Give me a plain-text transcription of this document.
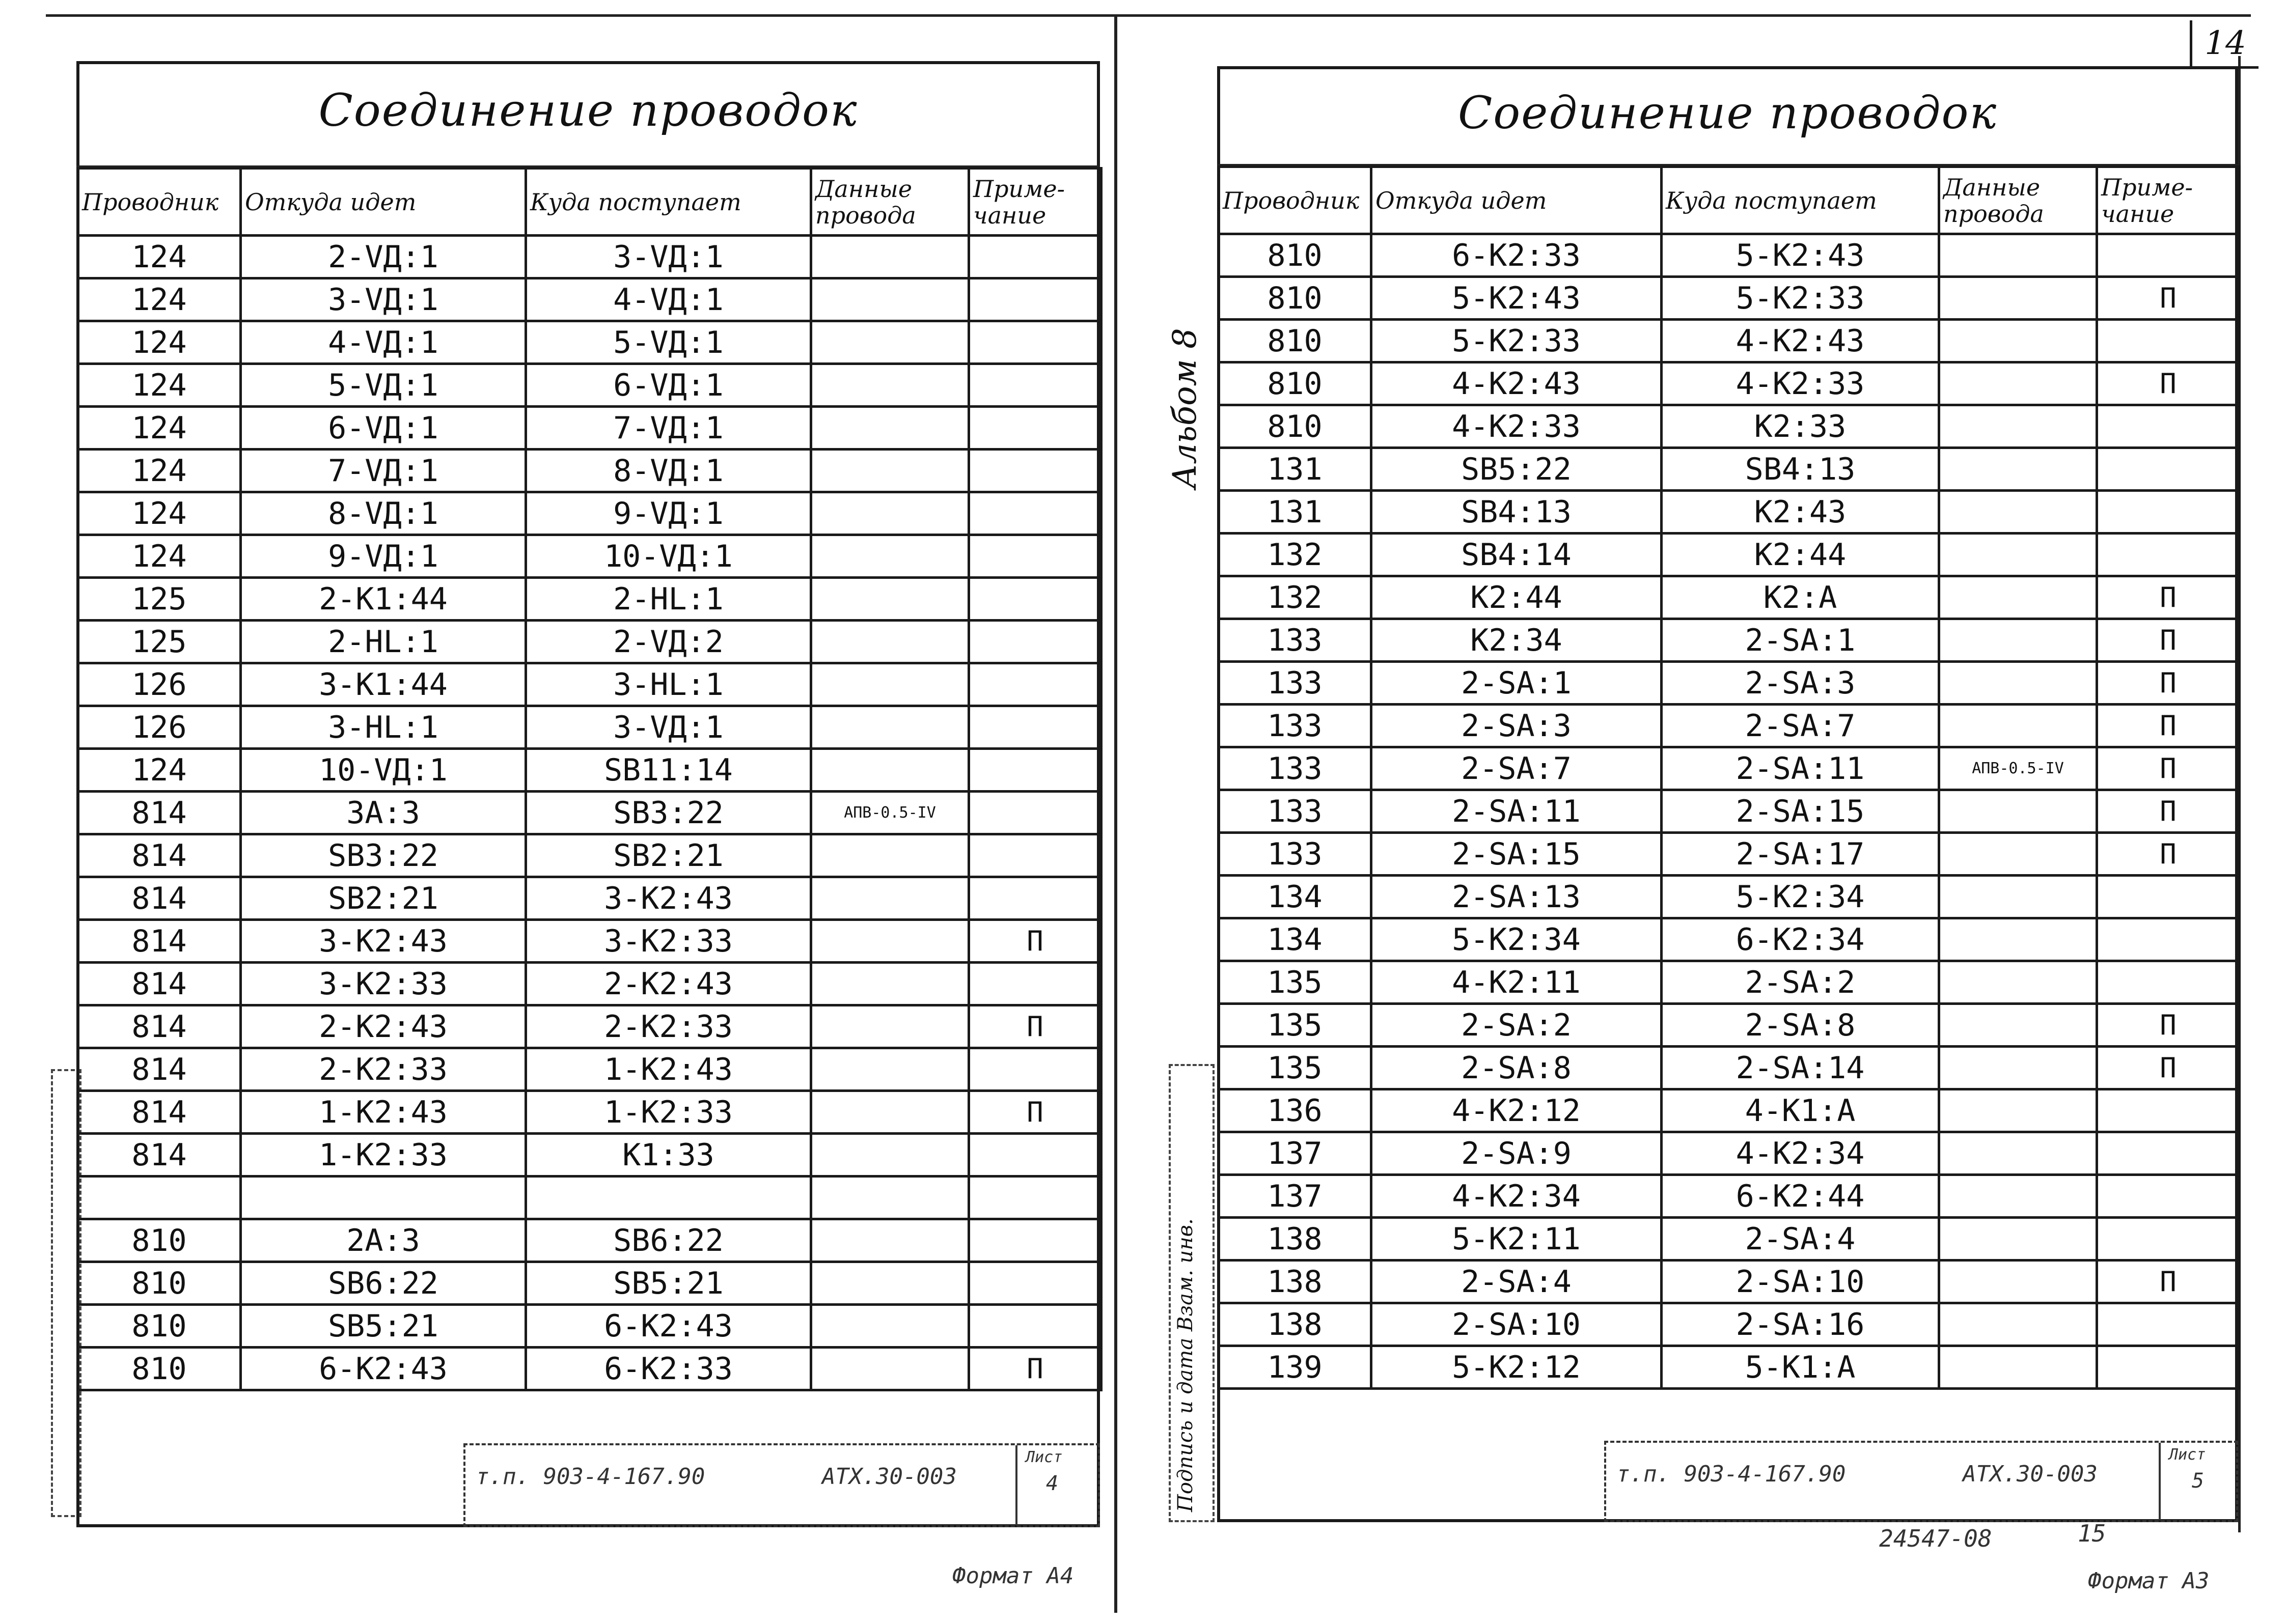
14
Соединение проводок
Проводник	Откуда идет	Куда поступает	Данные провода	Приме-чание
124	2-VД:1	3-VД:1		
124	3-VД:1	4-VД:1		
124	4-VД:1	5-VД:1		
124	5-VД:1	6-VД:1		
124	6-VД:1	7-VД:1		
124	7-VД:1	8-VД:1		
124	8-VД:1	9-VД:1		
124	9-VД:1	10-VД:1		
125	2-K1:44	2-HL:1		
125	2-HL:1	2-VД:2		
126	3-K1:44	3-HL:1		
126	3-HL:1	3-VД:1		
124	10-VД:1	SB11:14		
814	3A:3	SB3:22	АПВ-0.5-IV	
814	SB3:22	SB2:21		
814	SB2:21	3-K2:43		
814	3-K2:43	3-K2:33		П
814	3-K2:33	2-K2:43		
814	2-K2:43	2-K2:33		П
814	2-K2:33	1-K2:43		
814	1-K2:43	1-K2:33		П
814	1-K2:33	K1:33		

810	2A:3	SB6:22		
810	SB6:22	SB5:21		
810	SB5:21	6-K2:43		
810	6-K2:43	6-K2:33		П
т.п. 903-4-167.90	АТХ.30-003
Лист
4
Формат А4
Альбом 8
Подпись и дата Взам. инв.
Соединение проводок
Проводник	Откуда идет	Куда поступает	Данные провода	Приме-чание
810	6-K2:33	5-K2:43		
810	5-K2:43	5-K2:33		П
810	5-K2:33	4-K2:43		
810	4-K2:43	4-K2:33		П
810	4-K2:33	K2:33		
131	SB5:22	SB4:13		
131	SB4:13	K2:43		
132	SB4:14	K2:44		
132	K2:44	K2:A		П
133	K2:34	2-SA:1		П
133	2-SA:1	2-SA:3		П
133	2-SA:3	2-SA:7		П
133	2-SA:7	2-SA:11	АПВ-0.5-IV	П
133	2-SA:11	2-SA:15		П
133	2-SA:15	2-SA:17		П
134	2-SA:13	5-K2:34		
134	5-K2:34	6-K2:34		
135	4-K2:11	2-SA:2		
135	2-SA:2	2-SA:8		П
135	2-SA:8	2-SA:14		П
136	4-K2:12	4-K1:A		
137	2-SA:9	4-K2:34		
137	4-K2:34	6-K2:44		
138	5-K2:11	2-SA:4		
138	2-SA:4	2-SA:10		П
138	2-SA:10	2-SA:16		
139	5-K2:12	5-K1:A		
т.п. 903-4-167.90	АТХ.30-003
Лист
5
24547-08	15
Формат А3
